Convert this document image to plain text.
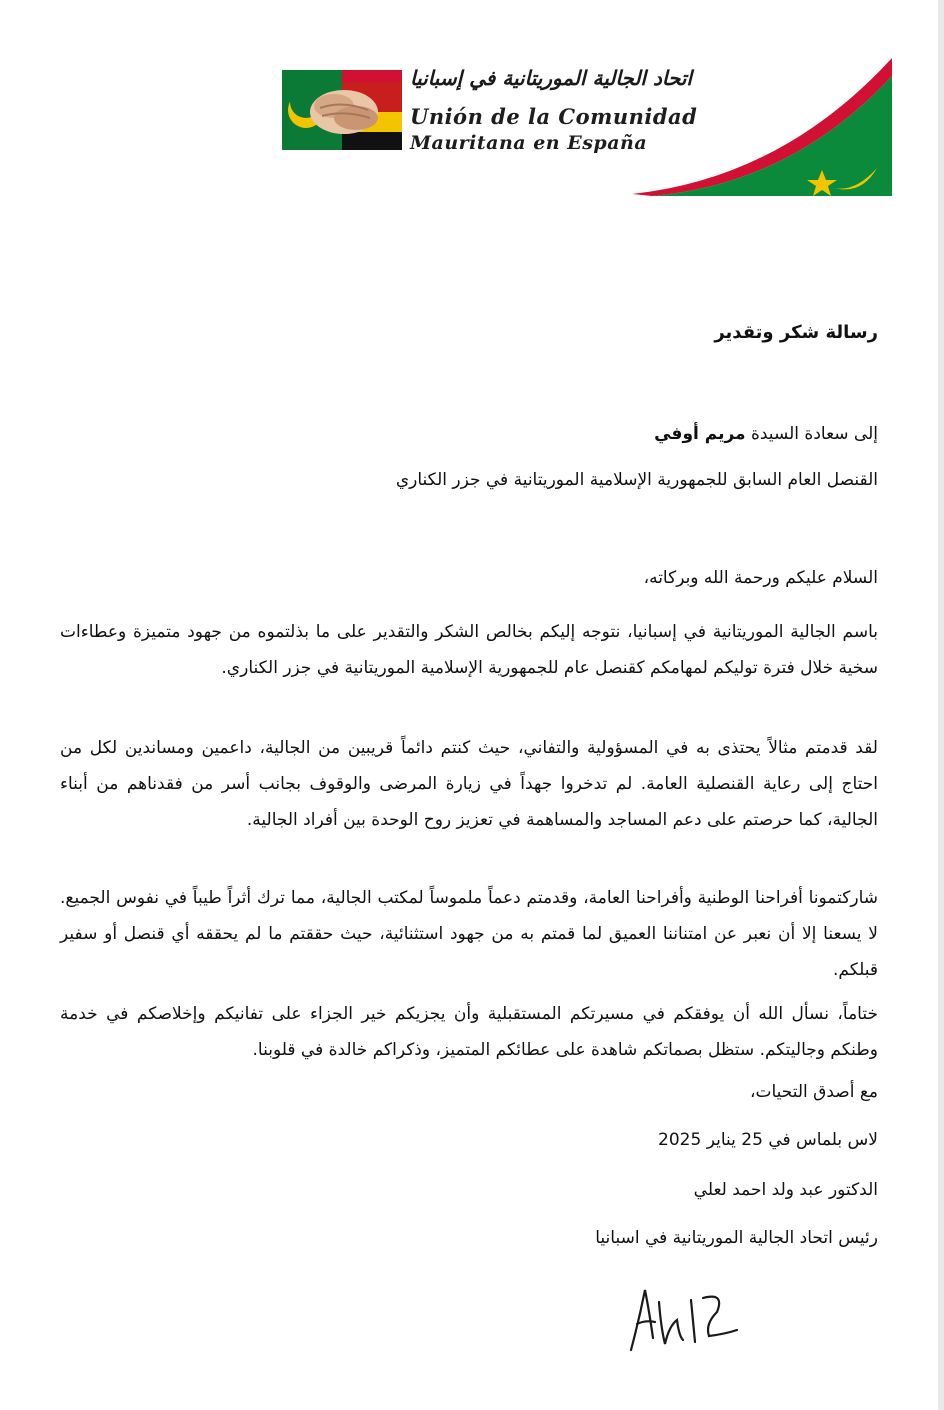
اتحاد الجالية الموريتانية في إسبانيا
Unión de la Comunidad
Mauritana en España
رسالة شكر وتقدير
إلى سعادة السيدة مريم أوفي
القنصل العام السابق للجمهورية الإسلامية الموريتانية في جزر الكناري
السلام عليكم ورحمة الله وبركاته،
باسم الجالية الموريتانية في إسبانيا، نتوجه إليكم بخالص الشكر والتقدير على ما بذلتموه من جهود متميزة وعطاءات سخية خلال فترة توليكم لمهامكم كقنصل عام للجمهورية الإسلامية الموريتانية في جزر الكناري.
لقد قدمتم مثالاً يحتذى به في المسؤولية والتفاني، حيث كنتم دائماً قريبين من الجالية، داعمين ومساندين لكل من احتاج إلى رعاية القنصلية العامة. لم تدخروا جهداً في زيارة المرضى والوقوف بجانب أسر من فقدناهم من أبناء الجالية، كما حرصتم على دعم المساجد والمساهمة في تعزيز روح الوحدة بين أفراد الجالية.
شاركتمونا أفراحنا الوطنية وأفراحنا العامة، وقدمتم دعماً ملموساً لمكتب الجالية، مما ترك أثراً طيباً في نفوس الجميع. لا يسعنا إلا أن نعبر عن امتناننا العميق لما قمتم به من جهود استثنائية، حيث حققتم ما لم يحققه أي قنصل أو سفير قبلكم.
ختاماً، نسأل الله أن يوفقكم في مسيرتكم المستقبلية وأن يجزيكم خير الجزاء على تفانيكم وإخلاصكم في خدمة وطنكم وجاليتكم. ستظل بصماتكم شاهدة على عطائكم المتميز، وذكراكم خالدة في قلوبنا.
مع أصدق التحيات،
لاس بلماس في 25 يناير 2025
الدكتور عبد ولد احمد لعلي
رئيس اتحاد الجالية الموريتانية في اسبانيا
